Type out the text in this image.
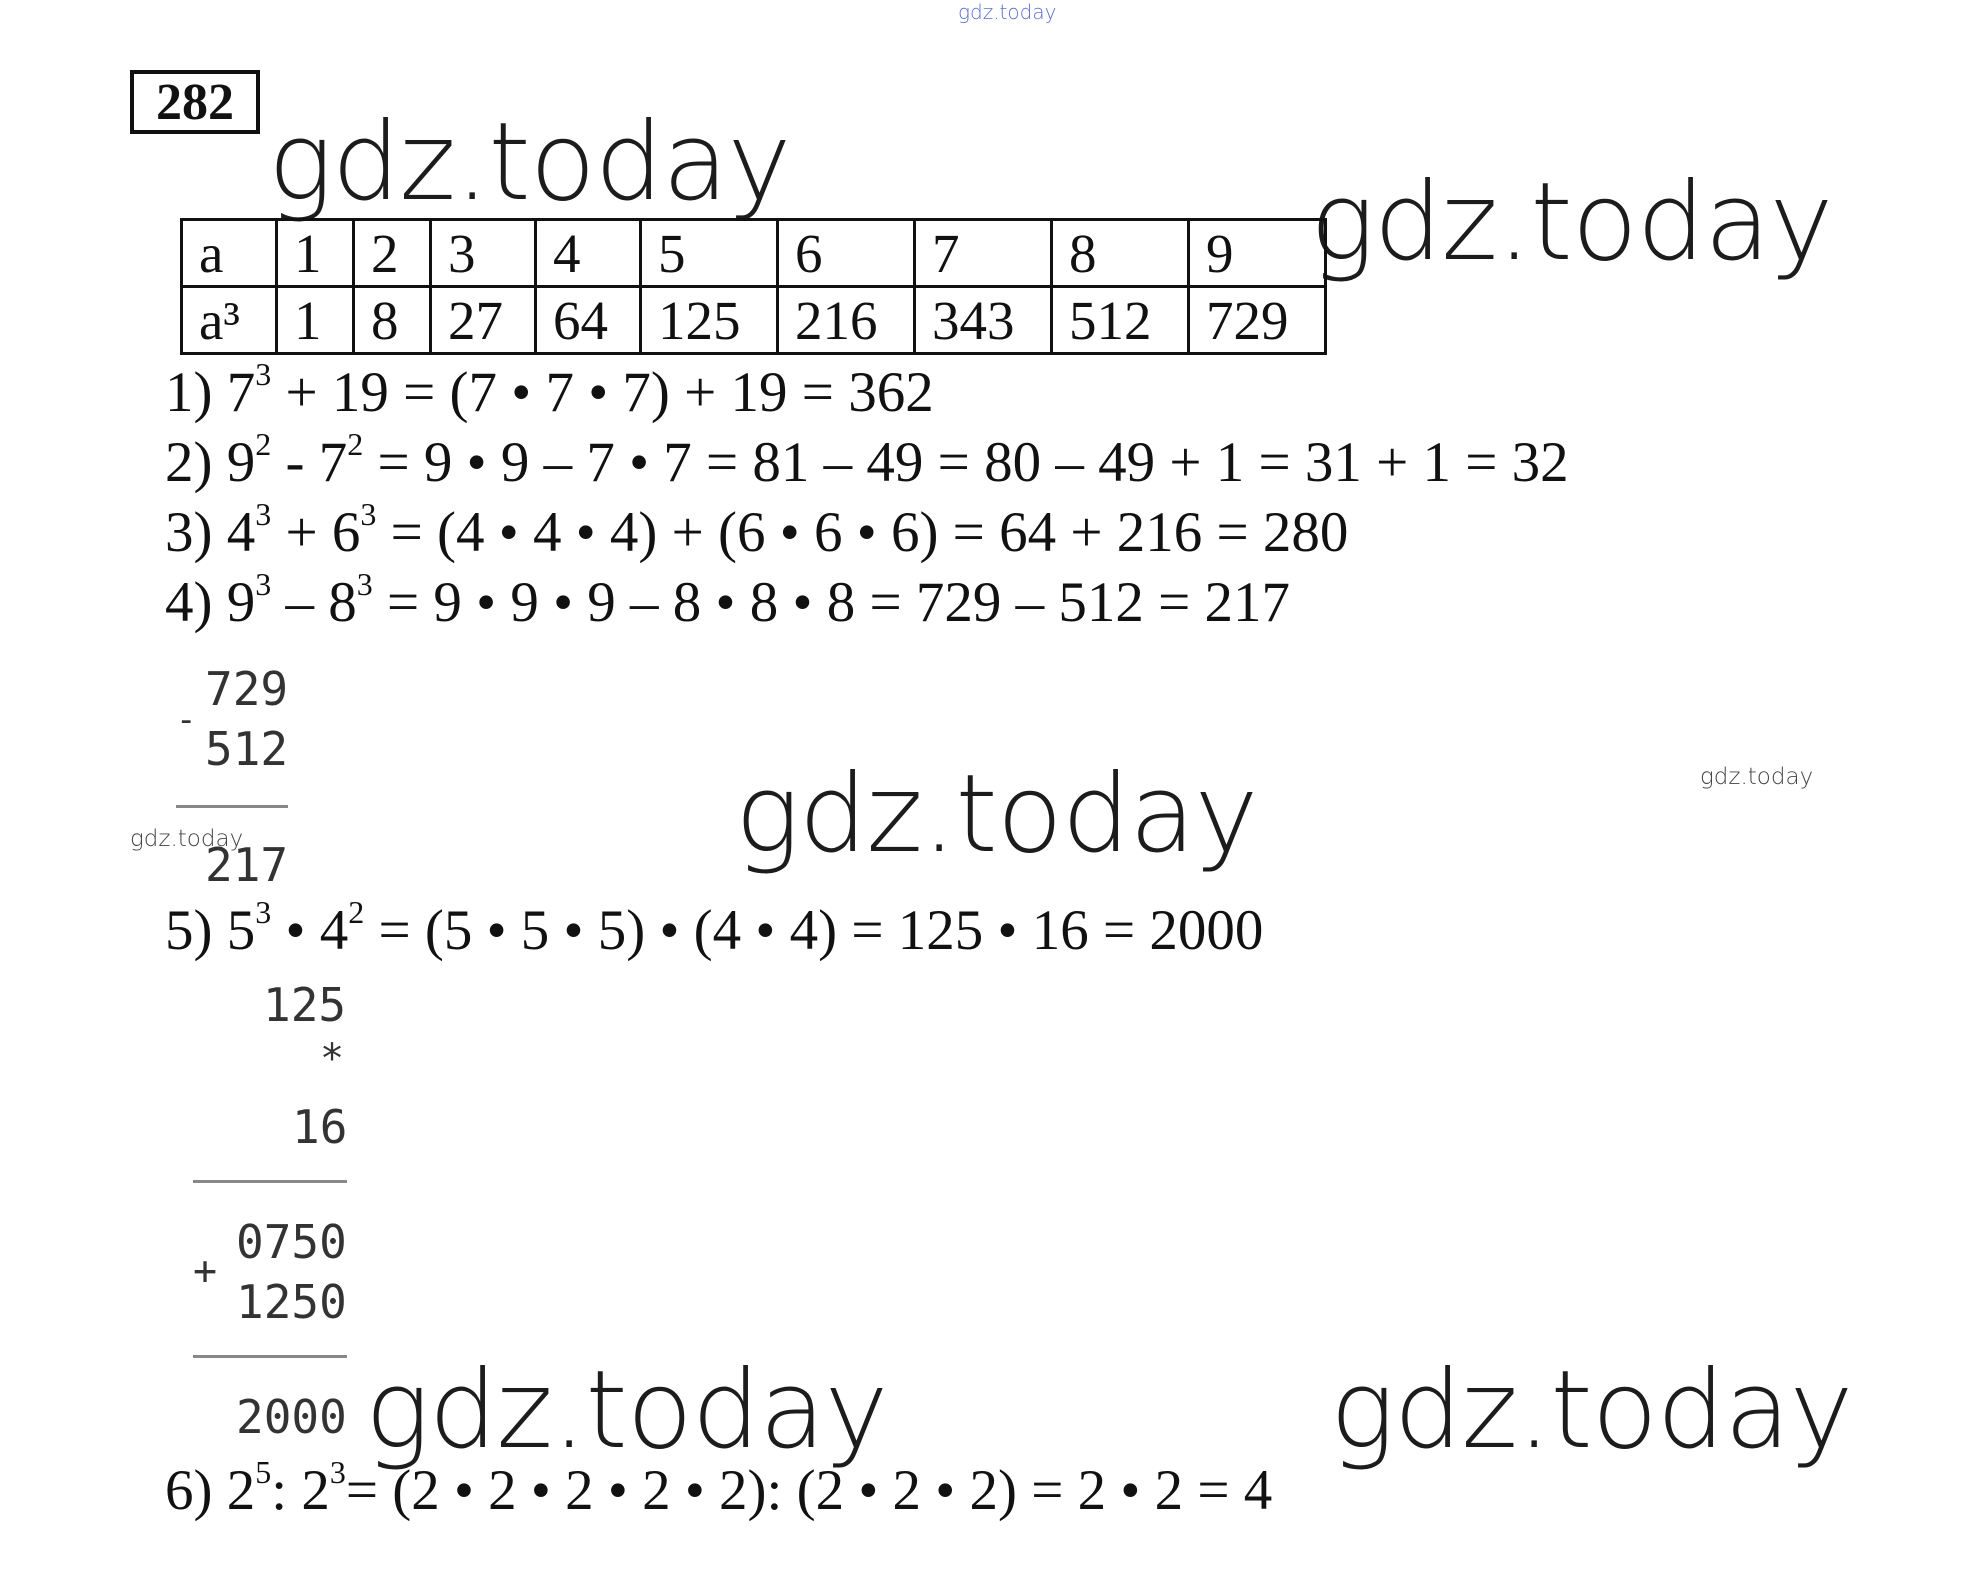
gdz.today
gdz.today	gdz.today
gdz.today	gdz.today
gdz.today
gdz.today	gdz.today
282
a	1	2	3	4	5	6	7	8	9
a³	1	8	27	64	125	216	343	512	729
1) $7^3 + 19 = (7$ • 7 • 7) + 19 = 362
2) $9^2 - 7^2 = 9$ • 9 – 7 • 7 = 81 – 49 = 80 – 49 + 1 = 31 + 1 = 32
3) $4^3 + 6^3 = (4$ • 4 • 4) + (6 • 6 • 6) = 64 + 216 = 280
4) $9^3 - 8^3 = 9$ • 9 • 9 – 8 • 8 • 8 = 729 – 512 = 217
729
-
512
217
5) $5^3$ • $4^2 = (5$ • 5 • 5) • (4 • 4) = 125 • 16 = 2000
125
*
16
0750
+
1250
2000
6) $2^5$: $2^3= (2$ • 2 • 2 • 2 • 2): (2 • 2 • 2) = 2 • 2 = 4
